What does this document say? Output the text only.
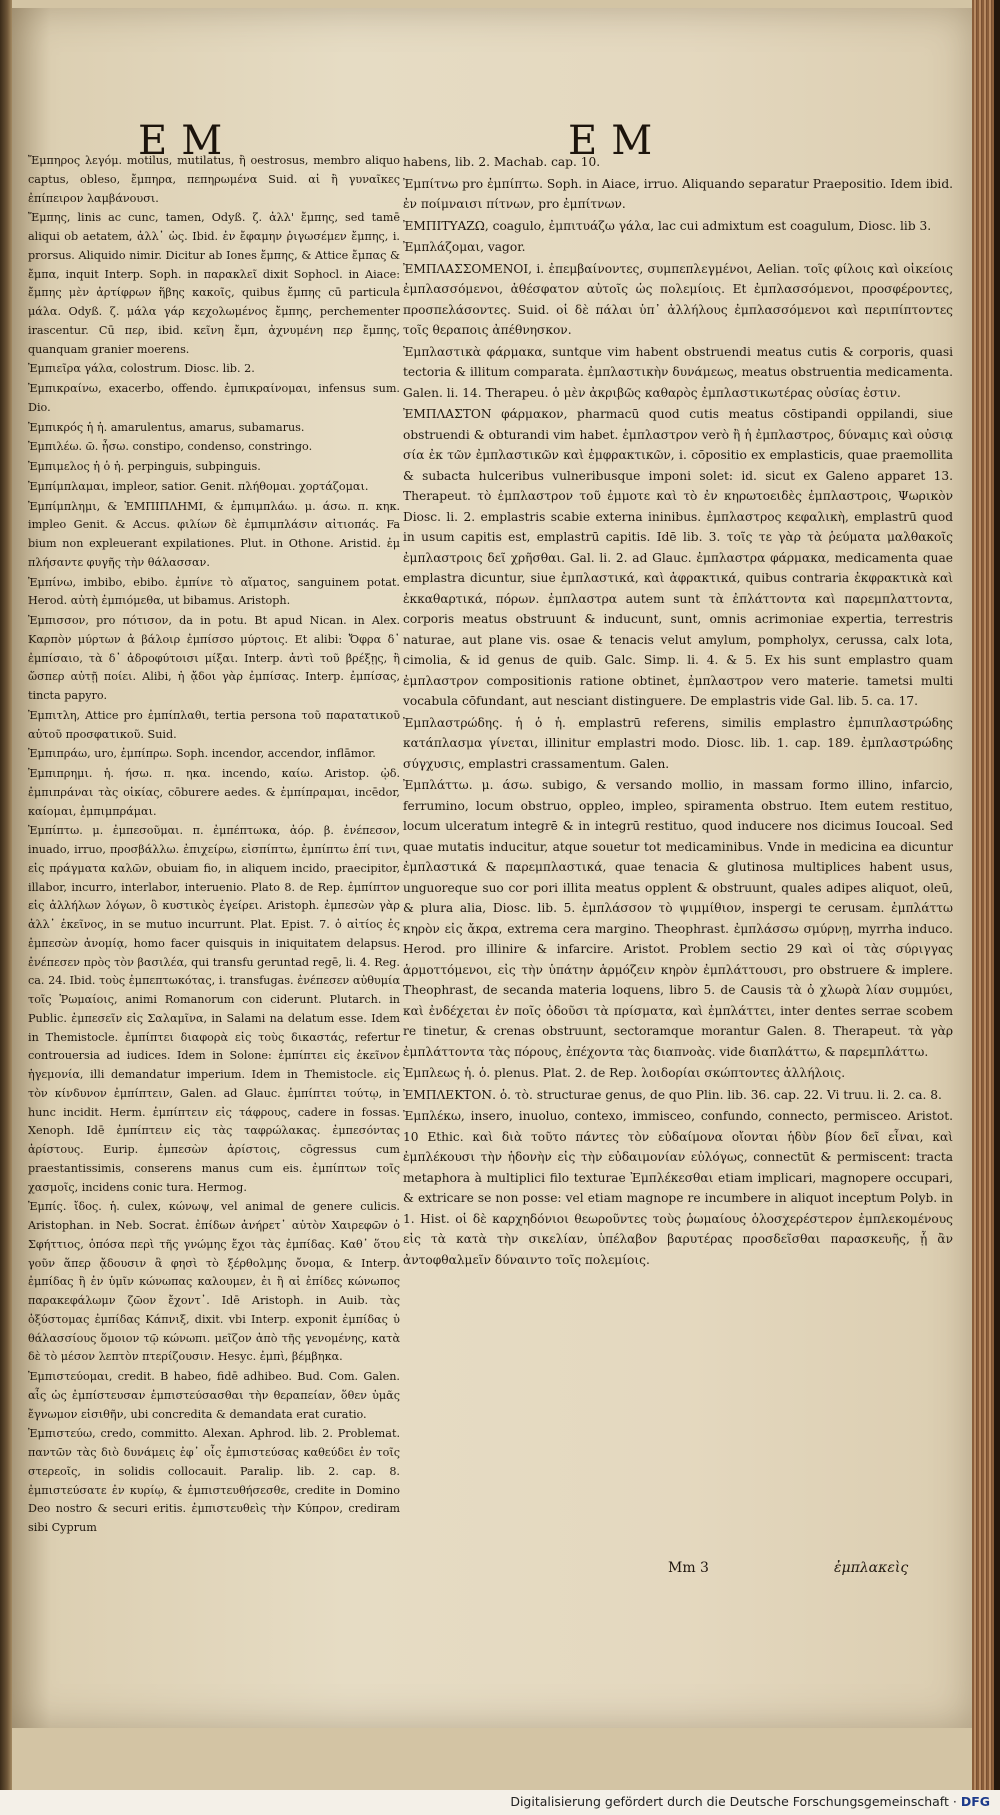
EM	EM

Ἔμπηρος λεγόμ. motilus, mutilatus, ἢ oestrosus, membro aliquo captus, obleso, ἔμπηρα, πεπηρωμένα Suid. αἱ ἢ γυναῖκες ἐπίπειρον λαμβάνουσι.

Ἔμπης, linis ac cunc, tamen, Odyß. ζ. ἀλλ' ἔμπης, sed tamē aliqui ob aetatem, ἀλλ᾽ ὡς. Ibid. ἐν ἔφαμην ῥιγωσέμεν ἔμπης, i. prorsus. Aliquido nimir. Dicitur ab Iones ἔμπης, & Attice ἔμπας & ἔμπα, inquit Interp. Soph. in παρακλεῖ dixit Sophocl. in Aiace: ἔμπης μὲν ἀρτίφρων ἥβης κακοῖς, quibus ἔμπης cū particula μάλα. Odyß. ζ. μάλα γάρ κεχολωμένος ἔμπης, perchementer irascentur. Cū περ, ibid. κεῖνη ἔμπ, ἀχνυμένη περ ἔμπης, quanquam granier moerens.

Ἐμπιεῖρα γάλα, colostrum. Diosc. lib. 2.

Ἐμπικραίνω, exacerbo, offendo. ἐμπικραίνομαι, infensus sum. Dio.

Ἐμπικρός ἡ ἡ. amarulentus, amarus, subamarus.

Ἐμπιλέω. ῶ. ἦσω. constipo, condenso, constringo.

Ἐμπιμελος ἡ ὁ ἡ. perpinguis, subpinguis.

Ἐμπίμπλαμαι, impleor, satior. Genit. πλήθομαι. χορτάζομαι.

Ἐμπίμπλημι, & ἘΜΠΙΠΛΗΜΙ, & ἐμπιμπλάω. μ. άσω. π. κηκ. impleo Genit. & Accus. φιλίων δὲ ἐμπιμπλάσιν αἰτιοπάς. Fa bium non expleuerant expilationes. Plut. in Othone. Aristid. ἐμ πλήσαντε φυγῆς τὴν θάλασσαν.

Ἐμπίνω, imbibo, ebibo. ἐμπίνε τὸ αἵματος, sanguinem potat. Herod. αὐτὴ ἐμπιόμεθα, ut bibamus. Aristoph.

Ἐμπισσον, pro πότισον, da in potu. Bt apud Nican. in Alex. Καρπὸν μύρτων ἀ βάλοιρ ἐμπίσσο μύρτοις. Et alibi: Ὄφρα δ᾽ ἐμπίσαιο, τὰ δ᾽ ἀδροφύτοισι μίξαι. Interp. ἀντὶ τοῦ βρέξῃς, ἢ ὥσπερ αὐτῇ ποίει. Alibi, ἠ ᾄδοι γὰρ ἐμπίσας. Interp. ἐμπίσας, tincta papyro.

Ἐμπιτλη, Attice pro ἐμπίπλαθι, tertia persona τοῦ παρατατικοῦ αὐτοῦ προσφατικοῦ. Suid.

Ἐμπιπράω, uro, ἐμπίπρω. Soph. incendor, accendor, inflāmor.

Ἐμπιπρημι. ἡ. ήσω. π. ηκα. incendo, καίω. Aristop. ᾠδ. ἐμπιπράναι τὰς οἰκίας, cōburere aedes. & ἐμπίπραμαι, incēdor, καίομαι, ἐμπιμπράμαι.

Ἐμπίπτω. μ. ἐμπεσοῦμαι. π. ἐμπέπτωκα, ἀόρ. β. ἐνέπεσον, inuado, irruo, προσβάλλω. ἐπιχείρω, εἰσπίπτω, ἐμπίπτω ἐπί τινι, εἰς πράγματα καλῶν, obuiam fio, in aliquem incido, praecipitor, illabor, incurro, interlabor, interuenio. Plato 8. de Rep. ἐμπίπτον εἰς ἀλλήλων λόγων, ὃ κυστικὸς ἐγείρει. Aristoph. ἐμπεσὼν γὰρ ἀλλ᾽ ἐκεῖνος, in se mutuo incurrunt. Plat. Epist. 7. ὁ αἰτίος ἐς ἐμπεσὼν ἀνομίᾳ, homo facer quisquis in iniquitatem delapsus. ἐνέπεσεν πρὸς τὸν βασιλέα, qui transfu geruntad regē, li. 4. Reg. ca. 24. Ibid. τοὺς ἐμπεπτωκότας, i. transfugas. ἐνέπεσεν αὐθυμία τοῖς Ῥωμαίοις, animi Romanorum con ciderunt. Plutarch. in Public. ἐμπεσεῖν εἰς Σαλαμῖνα, in Salami na delatum esse. Idem in Themistocle. ἐμπίπτει διαφορὰ εἰς τοὺς δικαστάς, refertur controuersia ad iudices. Idem in Solone: ἐμπίπτει εἰς ἐκεῖνον ἡγεμονία, illi demandatur imperium. Idem in Themistocle. εἰς τὸν κίνδυνον ἐμπίπτειν, Galen. ad Glauc. ἐμπίπτει τούτῳ, in hunc incidit. Herm. ἐμπίπτειν εἰς τάφρους, cadere in fossas. Xenoph. Idē ἐμπίπτειν εἰς τὰς ταφρώλακας. ἐμπεσόντας ἀρίστους. Eurip. ἐμπεσὼν ἀρίστοις, cōgressus cum praestantissimis, conserens manus cum eis. ἐμπίπτων τοῖς χασμοῖς, incidens conic tura. Hermog.

Ἐμπίς. ἴδος. ἡ. culex, κώνωψ, vel animal de genere culicis. Aristophan. in Neb. Socrat. ἐπίδων ἀνήρετ᾽ αὐτὸν Χαιρεφῶν ὁ Σφήττιος, ὁπόσα περὶ τῆς γνώμης ἔχοι τὰς ἐμπίδας. Καθ᾽ ὅτου γοῦν ἅπερ ᾄδουσιν ἃ φησὶ τὸ ξέρθολμης ὄνομα, & Interp. ἐμπίδας ἢ ἐν ὑμῖν κώνωπας καλουμεν, ἐι ἢ αἱ ἐπίδες κώνωπος παρακεφάλωμν ζῶον ἔχοντ᾽. Idē Aristoph. in Auib. τὰς ὀξύστομας ἐμπίδας Κάπνιξ, dixit. vbi Interp. exponit ἐμπίδας ὑ θάλασσίους ὅμοιον τῷ κώνωπι. μεῖζον ἀπὸ τῆς γενομένης, κατὰ δὲ τὸ μέσον λεπτὸν πτερίζουσιν. Hesyc. ἐμπὶ, βέμβηκα.

Ἐμπιστεύομαι, credit. B habeo, fidē adhibeo. Bud. Com. Galen. αἷς ὡς ἐμπίστευσαν ἐμπιστεύσασθαι τὴν θεραπείαν, ὅθεν ὑμᾶς ἔγνωμον εἰσιθῆν, ubi concredita & demandata erat curatio.

Ἐμπιστεύω, credo, committo. Alexan. Aphrod. lib. 2. Problemat. παντῶν τὰς διὸ δυνάμεις ἐφ᾽ οἷς ἐμπιστεύσας καθεύδει ἐν τοῖς στερεοῖς, in solidis collocauit. Paralip. lib. 2. cap. 8. ἐμπιστεύσατε ἐν κυρίῳ, & ἐμπιστευθήσεσθε, credite in Domino Deo nostro & securi eritis. ἐμπιστευθεὶς τὴν Κύπρον, crediram sibi Cyprum

habens, lib. 2. Machab. cap. 10.

Ἐμπίτνω pro ἐμπίπτω. Soph. in Aiace, irruo. Aliquando separatur Praepositio. Idem ibid. ἐν ποίμναισι πίτνων, pro ἐμπίτνων.

ἘΜΠΙΤΥΑΖΩ, coagulo, ἐμπιτυάζω γάλα, lac cui admixtum est coagulum, Diosc. lib 3.

Ἐμπλάζομαι, vagor.

ἘΜΠΛΑΣΣΟΜΕΝΟΙ, i. ἐπεμβαίνοντες, συμπεπλεγμένοι, Aelian. τοῖς φίλοις καὶ οἰκείοις ἐμπλασσόμενοι, ἀθέσφατον αὐτοῖς ὡς πολεμίοις. Et ἐμπλασσόμενοι, προσφέροντες, προσπελάσοντες. Suid. οἱ δὲ πάλαι ὑπ᾽ ἀλλήλους ἐμπλασσόμενοι καὶ περιπίπτοντες τοῖς θεραποις ἀπέθνησκον.

Ἐμπλαστικὰ φάρμακα, suntque vim habent obstruendi meatus cutis & corporis, quasi tectoria & illitum comparata. ἐμπλαστικὴν δυνάμεως, meatus obstruentia medicamenta. Galen. li. 14. Therapeu. ὁ μὲν ἀκριβῶς καθαρὸς ἐμπλαστικωτέρας οὐσίας ἐστιν.

ἘΜΠΛΑΣΤΟΝ φάρμακον, pharmacū quod cutis meatus cōstipandi oppilandi, siue obstruendi & obturandi vim habet. ἐμπλαστρον verò ἢ ἡ ἐμπλαστρος, δύναμις καὶ οὐσιᾳ σία ἐκ τῶν ἐμπλαστικῶν καὶ ἐμφρακτικῶν, i. cōpositio ex emplasticis, quae praemollita & subacta hulceribus vulneribusque imponi solet: id. sicut ex Galeno apparet 13. Therapeut. τὸ ἐμπλαστρον τοῦ ἐμμοτε καὶ τὸ ἐν κηρωτοειδὲς ἐμπλαστροις, Ψωρικὸν Diosc. li. 2. emplastris scabie externa ininibus. ἐμπλαστρος κεφαλικὴ, emplastrū quod in usum capitis est, emplastrū capitis. Idē lib. 3. τοῖς τε γὰρ τὰ ῥεύματα μαλθακοῖς ἐμπλαστροις δεῖ χρῆσθαι. Gal. li. 2. ad Glauc. ἐμπλαστρα φάρμακα, medicamenta quae emplastra dicuntur, siue ἐμπλαστικά, καὶ ἀφρακτικά, quibus contraria ἐκφρακτικὰ καὶ ἐκκαθαρτικά, πόρων. ἐμπλαστρα autem sunt τὰ ἐπλάττοντα καὶ παρεμπλαττοντα, corporis meatus obstruunt & inducunt, sunt, omnis acrimoniae expertia, terrestris naturae, aut plane vis. osae & tenacis velut amylum, pompholyx, cerussa, calx lota, cimolia, & id genus de quib. Galc. Simp. li. 4. & 5. Ex his sunt emplastro quam ἐμπλαστρον compositionis ratione obtinet, ἐμπλαστρον vero materie. tametsi multi vocabula cōfundant, aut nesciant distinguere. De emplastris vide Gal. lib. 5. ca. 17.

Ἐμπλαστρώδης. ἡ ὁ ἡ. emplastrū referens, similis emplastro ἐμπιπλαστρώδης κατάπλασμα γίνεται, illinitur emplastri modo. Diosc. lib. 1. cap. 189. ἐμπλαστρώδης σύγχυσις, emplastri crassamentum. Galen.

Ἐμπλάττω. μ. άσω. subigo, & versando mollio, in massam formo illino, infarcio, ferrumino, locum obstruo, oppleo, impleo, spiramenta obstruo. Item eutem restituo, locum ulceratum integrē & in integrū restituo, quod inducere nos dicimus Ioucoal. Sed quae mutatis inducitur, atque souetur tot medicaminibus. Vnde in medicina ea dicuntur ἐμπλαστικά & παρεμπλαστικά, quae tenacia & glutinosa multiplices habent usus, unguoreque suo cor pori illita meatus opplent & obstruunt, quales adipes aliquot, oleū, & plura alia, Diosc. lib. 5. ἐμπλάσσον τὸ ψιμμίθιον, inspergi te cerusam. ἐμπλάττω κηρὸν εἰς ἄκρα, extrema cera margino. Theophrast. ἐμπλάσσω σμύρνῃ, myrrha induco. Herod. pro illinire & infarcire. Aristot. Problem sectio 29 καὶ οἱ τὰς σύριγγας ἁρμοττόμενοι, εἰς τὴν ὑπάτην ἁρμόζειν κηρὸν ἐμπλάττουσι, pro obstruere & implere. Theophrast, de secanda materia loquens, libro 5. de Causis τὰ ὀ χλωρὰ λίαν συμμύει, καὶ ἐνδέχεται ἐν ποῖς ὀδοῦσι τὰ πρίσματα, καὶ ἐμπλάττει, inter dentes serrae scobem re tinetur, & crenas obstruunt, sectoramque morantur Galen. 8. Therapeut. τὰ γὰρ ἐμπλάττοντα τὰς πόρους, ἐπέχοντα τὰς διαπνοὰς. vide διαπλάττω, & παρεμπλάττω.

Ἐμπλεως ἡ. ὁ. plenus. Plat. 2. de Rep. λοιδορίαι σκώπτοντες ἀλλήλοις.

ἘΜΠΛΕΚΤΟΝ. ὁ. τὸ. structurae genus, de quo Plin. lib. 36. cap. 22. Vi truu. li. 2. ca. 8.

Ἐμπλέκω, insero, inuoluo, contexo, immisceo, confundo, connecto, permisceo. Aristot. 10 Ethic. καὶ διὰ τοῦτο πάντες τὸν εὐδαίμονα οἴονται ἡδὺν βίον δεῖ εἶναι, καὶ ἐμπλέκουσι τὴν ἡδονὴν εἰς τὴν εὐδαιμονίαν εὐλόγως, connectūt & permiscent: tracta metaphora à multiplici filo texturae Ἐμπλέκεσθαι etiam implicari, magnopere occupari, & extricare se non posse: vel etiam magnope re incumbere in aliquot inceptum Polyb. in 1. Hist. οἱ δὲ καρχηδόνιοι θεωροῦντες τοὺς ῥωμαίους ὁλοσχερέστερον ἐμπλεκομένους εἰς τὰ κατὰ τὴν σικελίαν, ὑπέλαβον βαρυτέρας προσδεῖσθαι παρασκευῆς, ᾗ ἂν ἀντοφθαλμεῖν δύναιντο τοῖς πολεμίοις.

Mm 3	ἐμπλακεὶς
Digitalisierung gefördert durch die Deutsche Forschungsgemeinschaft · DFG
